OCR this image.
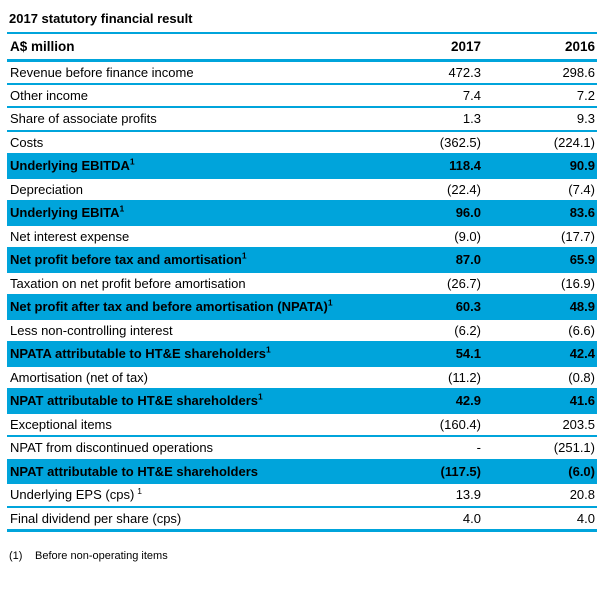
2017 statutory financial result
A$ million	2017	2016
Revenue before finance income	472.3	298.6
Other income	7.4	7.2
Share of associate profits	1.3	9.3
Costs	(362.5)	(224.1)
Underlying EBITDA$^1$	118.4	90.9
Depreciation	(22.4)	(7.4)
Underlying EBITA$^1$	96.0	83.6
Net interest expense	(9.0)	(17.7)
Net profit before tax and amortisation$^1$	87.0	65.9
Taxation on net profit before amortisation	(26.7)	(16.9)
Net profit after tax and before amortisation (NPATA)$^1$	60.3	48.9
Less non-controlling interest	(6.2)	(6.6)
NPATA attributable to HT&E shareholders$^1$	54.1	42.4
Amortisation (net of tax)	(11.2)	(0.8)
NPAT attributable to HT&E shareholders$^1$	42.9	41.6
Exceptional items	(160.4)	203.5
NPAT from discontinued operations	-	(251.1)
NPAT attributable to HT&E shareholders	(117.5)	(6.0)
Underlying EPS (cps) $^1$	13.9	20.8
Final dividend per share (cps)	4.0	4.0
(1)	Before non-operating items
